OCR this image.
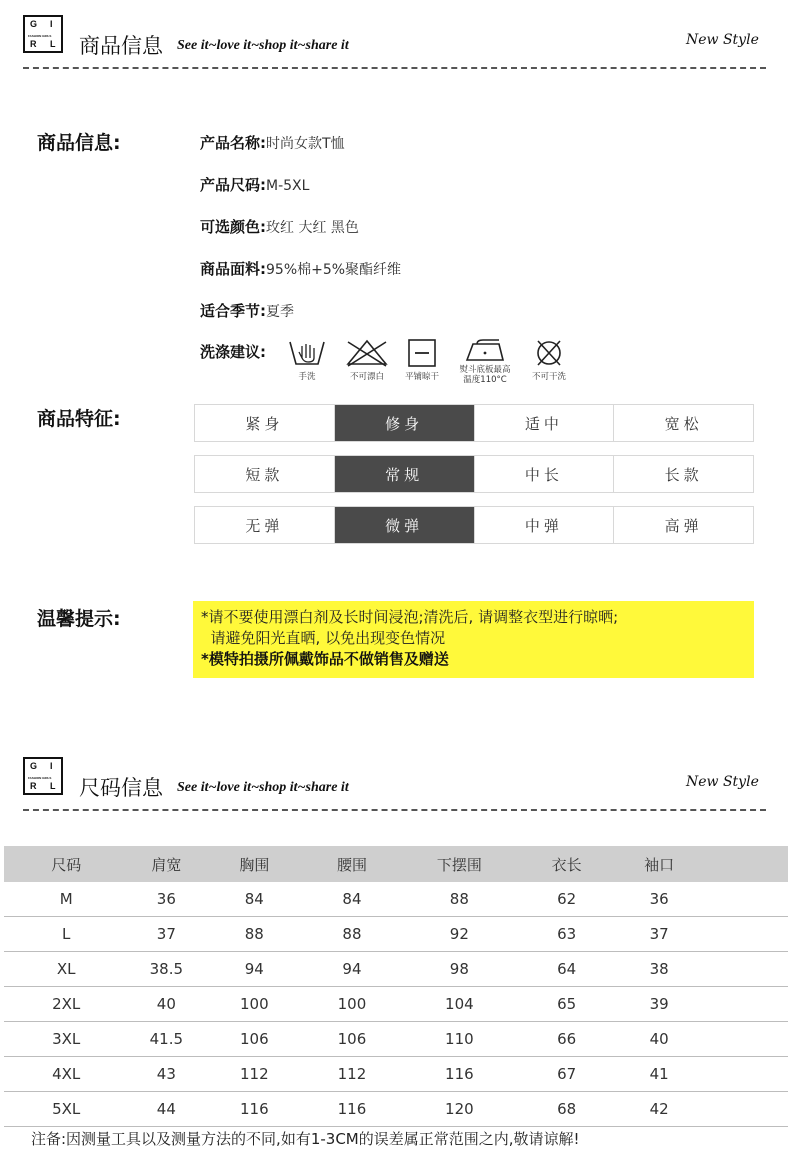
G I
FASHION GIRLS
R L 商品信息 See it~love it~shop it~share it	New Style
商品信息:	产品名称:时尚女款T恤
产品尺码:M-5XL
可选颜色:玫红 大红 黑色
商品面料:95%棉+5%聚酯纤维
适合季节:夏季
洗涤建议:
手洗	不可漂白	平铺晾干
熨斗底板最高
温度110°C	不可干洗
商品特征:	紧身	修身	适中	宽松
短款	常规	中长	长款
无弹	微弹	中弹	高弹
温馨提示:	*请不要使用漂白剂及长时间浸泡;清洗后, 请调整衣型进行晾晒;
请避免阳光直晒, 以免出现变色情况
*模特拍摄所佩戴饰品不做销售及赠送
G I
FASHION GIRLS
R L 尺码信息 See it~love it~shop it~share it	New Style
尺码	肩宽	胸围	腰围	下摆围	衣长	袖口	
M	36	84	84	88	62	36	
L	37	88	88	92	63	37	
XL	38.5	94	94	98	64	38	
2XL	40	100	100	104	65	39	
3XL	41.5	106	106	110	66	40	
4XL	43	112	112	116	67	41	
5XL	44	116	116	120	68	42	
注备:因测量工具以及测量方法的不同,如有1-3CM的误差属正常范围之内,敬请谅解!
